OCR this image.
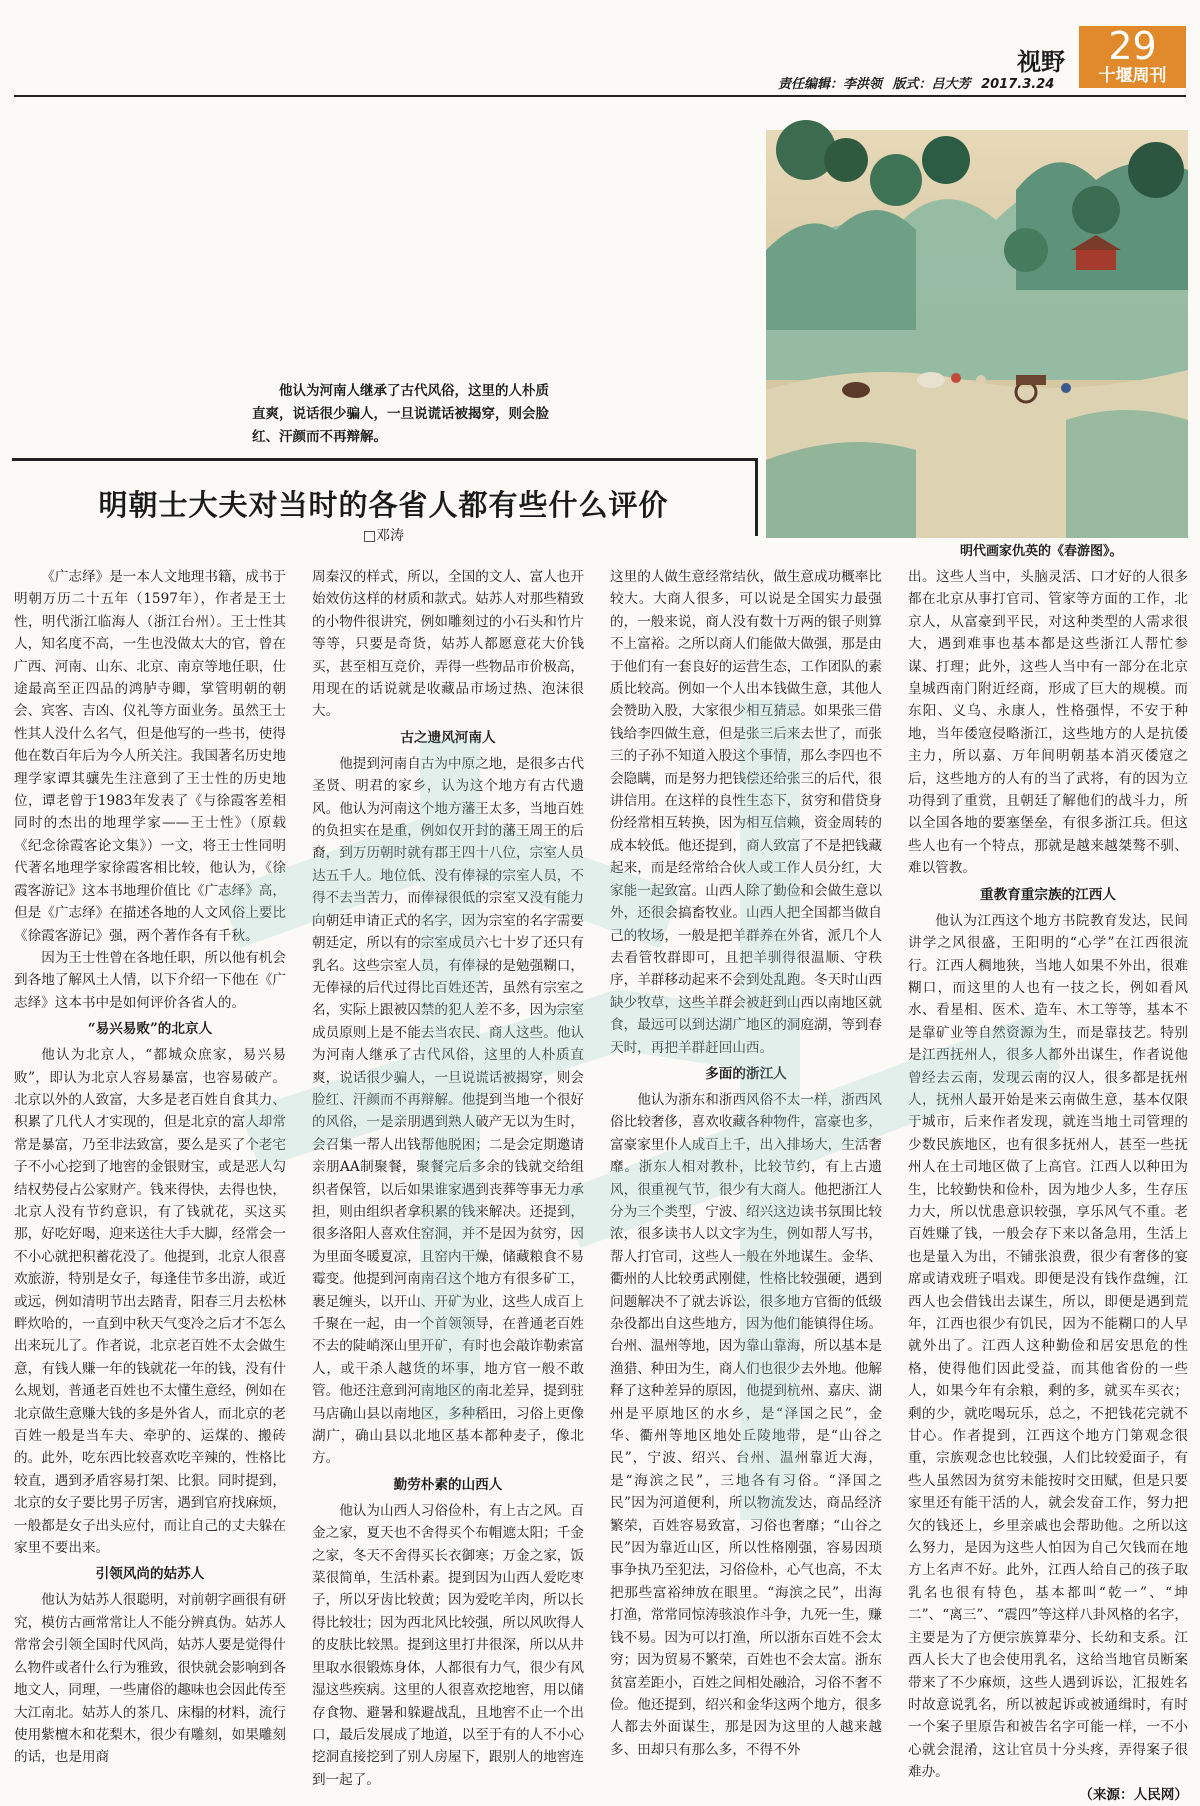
视野	29
十堰周刊
责任编辑：李洪领 版式：吕大芳 2017.3.24
明代画家仇英的《春游图》。
他认为河南人继承了古代风俗，这里的人朴质直爽，说话很少骗人，一旦说谎话被揭穿，则会脸红、汗颜而不再辩解。
明朝士大夫对当时的各省人都有些什么评价
□邓涛

《广志绎》是一本人文地理书籍，成书于明朝万历二十五年（1597年），作者是王士性，明代浙江临海人（浙江台州）。王士性其人，知名度不高，一生也没做太大的官，曾在广西、河南、山东、北京、南京等地任职，仕途最高至正四品的鸿胪寺卿，掌管明朝的朝会、宾客、吉凶、仪礼等方面业务。虽然王士性其人没什么名气，但是他写的一些书，使得他在数百年后为今人所关注。我国著名历史地理学家谭其骧先生注意到了王士性的历史地位，谭老曾于1983年发表了《与徐霞客差相同时的杰出的地理学家——王士性》（原载《纪念徐霞客论文集》）一文，将王士性同明代著名地理学家徐霞客相比较，他认为，《徐霞客游记》这本书地理价值比《广志绎》高，但是《广志绎》在描述各地的人文风俗上要比《徐霞客游记》强，两个著作各有千秋。

因为王士性曾在各地任职，所以他有机会到各地了解风土人情，以下介绍一下他在《广志绎》这本书中是如何评价各省人的。

“易兴易败”的北京人

他认为北京人，“都城众庶家，易兴易败”，即认为北京人容易暴富，也容易破产。北京以外的人致富，大多是老百姓自食其力、积累了几代人才实现的，但是北京的富人却常常是暴富，乃至非法致富，要么是买了个老宅子不小心挖到了地窖的金银财宝，或是恶人勾结权势侵占公家财产。钱来得快，去得也快，北京人没有节约意识，有了钱就花，买这买那，好吃好喝，迎来送往大手大脚，经常会一不小心就把积蓄花没了。他提到，北京人很喜欢旅游，特别是女子，每逢佳节多出游，或近或远，例如清明节出去踏青，阳春三月去松林畔炊哈的，一直到中秋天气变冷之后才不怎么出来玩儿了。作者说，北京老百姓不太会做生意，有钱人赚一年的钱就花一年的钱，没有什么规划，普通老百姓也不太懂生意经，例如在北京做生意赚大钱的多是外省人，而北京的老百姓一般是当车夫、牵驴的、运煤的、搬砖的。此外，吃东西比较喜欢吃辛辣的，性格比较直，遇到矛盾容易打架、比狠。同时提到，北京的女子要比男子厉害，遇到官府找麻烦，一般都是女子出头应付，而让自己的丈夫躲在家里不要出来。

引领风尚的姑苏人

他认为姑苏人很聪明，对前朝字画很有研究，模仿古画常常让人不能分辨真伪。姑苏人常常会引领全国时代风尚，姑苏人要是觉得什么物件或者什么行为雅致，很快就会影响到各地文人，同理，一些庸俗的趣味也会因此传至大江南北。姑苏人的茶几、床榻的材料，流行使用紫檀木和花梨木，很少有雕刻，如果雕刻的话，也是用商

周秦汉的样式，所以，全国的文人、富人也开始效仿这样的材质和款式。姑苏人对那些精致的小物件很讲究，例如雕刻过的小石头和竹片等等，只要是奇货，姑苏人都愿意花大价钱买，甚至相互竞价，弄得一些物品市价极高，用现在的话说就是收藏品市场过热、泡沫很大。

古之遗风河南人

他提到河南自古为中原之地，是很多古代圣贤、明君的家乡，认为这个地方有古代遗风。他认为河南这个地方藩王太多，当地百姓的负担实在是重，例如仅开封的藩王周王的后裔，到万历朝时就有郡王四十八位，宗室人员达五千人。地位低、没有俸禄的宗室人员，不得不去当苦力，而俸禄很低的宗室又没有能力向朝廷申请正式的名字，因为宗室的名字需要朝廷定，所以有的宗室成员六七十岁了还只有乳名。这些宗室人员，有俸禄的是勉强糊口，无俸禄的后代过得比百姓还苦，虽然有宗室之名，实际上跟被囚禁的犯人差不多，因为宗室成员原则上是不能去当农民、商人这些。他认为河南人继承了古代风俗，这里的人朴质直爽，说话很少骗人，一旦说谎话被揭穿，则会脸红、汗颜而不再辩解。他提到当地一个很好的风俗，一是亲朋遇到熟人破产无以为生时，会召集一帮人出钱帮他脱困；二是会定期邀请亲朋AA制聚餐，聚餐完后多余的钱就交给组织者保管，以后如果谁家遇到丧葬等事无力承担，则由组织者拿积累的钱来解决。还提到，很多洛阳人喜欢住窑洞，并不是因为贫穷，因为里面冬暖夏凉，且窑内干燥，储藏粮食不易霉变。他提到河南南召这个地方有很多矿工，裹足缠头，以开山、开矿为业，这些人成百上千聚在一起，由一个首领领导，在普通老百姓不去的陡峭深山里开矿，有时也会敲诈勒索富人，或干杀人越货的坏事，地方官一般不敢管。他还注意到河南地区的南北差异，提到驻马店确山县以南地区，多种稻田，习俗上更像湖广，确山县以北地区基本都种麦子，像北方。

勤劳朴素的山西人

他认为山西人习俗俭朴，有上古之风。百金之家，夏天也不舍得买个布帽遮太阳；千金之家，冬天不舍得买长衣御寒；万金之家，饭菜很简单，生活朴素。提到因为山西人爱吃枣子，所以牙齿比较黄；因为爱吃羊肉，所以长得比较壮；因为西北风比较强，所以风吹得人的皮肤比较黑。提到这里打井很深，所以从井里取水很锻炼身体，人都很有力气，很少有风湿这些疾病。这里的人很喜欢挖地窖，用以储存食物、避暑和躲避战乱，且地窖不止一个出口，最后发展成了地道，以至于有的人不小心挖洞直接挖到了别人房屋下，跟别人的地窖连到一起了。

这里的人做生意经常结伙，做生意成功概率比较大。大商人很多，可以说是全国实力最强的，一般来说，商人没有数十万两的银子则算不上富裕。之所以商人们能做大做强，那是由于他们有一套良好的运营生态，工作团队的素质比较高。例如一个人出本钱做生意，其他人会赞助入股，大家很少相互猜忌。如果张三借钱给李四做生意，但是张三后来去世了，而张三的子孙不知道入股这个事情，那么李四也不会隐瞒，而是努力把钱偿还给张三的后代，很讲信用。在这样的良性生态下，贫穷和借贷身份经常相互转换，因为相互信赖，资金周转的成本较低。他还提到，商人致富了不是把钱藏起来，而是经常给合伙人或工作人员分红，大家能一起致富。山西人除了勤俭和会做生意以外，还很会搞畜牧业。山西人把全国都当做自己的牧场，一般是把羊群养在外省，派几个人去看管牧群即可，且把羊驯得很温顺、守秩序，羊群移动起来不会到处乱跑。冬天时山西缺少牧草，这些羊群会被赶到山西以南地区就食，最远可以到达湖广地区的洞庭湖，等到春天时，再把羊群赶回山西。

多面的浙江人

他认为浙东和浙西风俗不太一样，浙西风俗比较奢侈，喜欢收藏各种物件，富豪也多，富豪家里仆人成百上千，出入排场大，生活奢靡。浙东人相对教朴，比较节约，有上古遗风，很重视气节，很少有大商人。他把浙江人分为三个类型，宁波、绍兴这边读书氛围比较浓，很多读书人以文字为生，例如帮人写书，帮人打官司，这些人一般在外地谋生。金华、衢州的人比较勇武刚健，性格比较强硬，遇到问题解决不了就去诉讼，很多地方官衙的低级杂役都出自这些地方，因为他们能镇得住场。台州、温州等地，因为靠山靠海，所以基本是渔猎、种田为生，商人们也很少去外地。他解释了这种差异的原因，他提到杭州、嘉庆、湖州是平原地区的水乡，是“泽国之民”，金华、衢州等地区地处丘陵地带，是“山谷之民”，宁波、绍兴、台州、温州靠近大海，是“海滨之民”，三地各有习俗。“泽国之民”因为河道便利，所以物流发达，商品经济繁荣，百姓容易致富，习俗也奢靡；“山谷之民”因为靠近山区，所以性格刚强，容易因琐事争执乃至犯法，习俗俭朴，心气也高，不太把那些富裕绅放在眼里。“海滨之民”，出海打渔，常常同惊涛骇浪作斗争，九死一生，赚钱不易。因为可以打渔，所以浙东百姓不会太穷；因为贸易不繁荣，百姓也不会太富。浙东贫富差距小，百姓之间相处融洽，习俗不奢不俭。他还提到，绍兴和金华这两个地方，很多人都去外面谋生，那是因为这里的人越来越多、田却只有那么多，不得不外

出。这些人当中，头脑灵活、口才好的人很多都在北京从事打官司、管家等方面的工作，北京人，从富豪到平民，对这种类型的人需求很大，遇到难事也基本都是这些浙江人帮忙参谋、打理；此外，这些人当中有一部分在北京皇城西南门附近经商，形成了巨大的规模。而东阳、义乌、永康人，性格强悍，不安于种地，当年倭寇侵略浙江，这些地方的人是抗倭主力，所以嘉、万年间明朝基本消灭倭寇之后，这些地方的人有的当了武将，有的因为立功得到了重赏，且朝廷了解他们的战斗力，所以全国各地的要塞堡垒，有很多浙江兵。但这些人也有一个特点，那就是越来越桀骜不驯、难以管教。

重教育重宗族的江西人

他认为江西这个地方书院教育发达，民间讲学之风很盛，王阳明的“心学”在江西很流行。江西人稠地狭，当地人如果不外出，很难糊口，而这里的人也有一技之长，例如看风水、看星相、医术、造车、木工等等，基本不是靠矿业等自然资源为生，而是靠技艺。特别是江西抚州人，很多人都外出谋生，作者说他曾经去云南，发现云南的汉人，很多都是抚州人，抚州人最开始是来云南做生意，基本仅限于城市，后来作者发现，就连当地土司管理的少数民族地区，也有很多抚州人，甚至一些抚州人在土司地区做了上高官。江西人以种田为生，比较勤快和俭朴，因为地少人多，生存压力大，所以忧患意识较强，享乐风气不重。老百姓赚了钱，一般会存下来以备急用，生活上也是量入为出，不铺张浪费，很少有奢侈的宴席或请戏班子唱戏。即便是没有钱作盘缠，江西人也会借钱出去谋生，所以，即便是遇到荒年，江西也很少有饥民，因为不能糊口的人早就外出了。江西人这种勤俭和居安思危的性格，使得他们因此受益，而其他省份的一些人，如果今年有余粮，剩的多，就买车买衣；剩的少，就吃喝玩乐，总之，不把钱花完就不甘心。作者提到，江西这个地方门第观念很重，宗族观念也比较强，人们比较爱面子，有些人虽然因为贫穷未能按时交田赋，但是只要家里还有能干活的人，就会发奋工作，努力把欠的钱还上，乡里亲戚也会帮助他。之所以这么努力，是因为这些人怕因为自己欠钱而在地方上名声不好。此外，江西人给自己的孩子取乳名也很有特色，基本都叫“乾一”、“坤二”、“离三”、“震四”等这样八卦风格的名字，主要是为了方便宗族算辈分、长幼和支系。江西人长大了也会使用乳名，这给当地官员断案带来了不少麻烦，这些人遇到诉讼，汇报姓名时故意说乳名，所以被起诉或被通缉时，有时一个案子里原告和被告名字可能一样，一不小心就会混淆，这让官员十分头疼，弄得案子很难办。

（来源：人民网）
